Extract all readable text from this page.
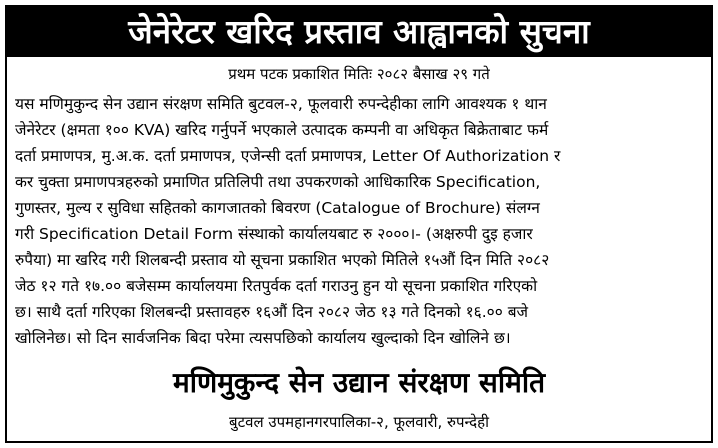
जेनेरेटर खरिद प्रस्ताव आह्वानको सुचना
प्रथम पटक प्रकाशित मितिः २०८२ बैसाख २९ गते
यस मणिमुकुन्द सेन उद्यान संरक्षण समिति बुटवल-२, फूलवारी रुपन्देहीका लागि आवश्यक १ थान
जेनेरेटर (क्षमता १०० KVA) खरिद गर्नुपर्ने भएकाले उत्पादक कम्पनी वा अधिकृत बिक्रेताबाट फर्म
दर्ता प्रमाणपत्र, मु.अ.क. दर्ता प्रमाणपत्र, एजेन्सी दर्ता प्रमाणपत्र, Letter Of Authorization र
कर चुक्ता प्रमाणपत्रहरुको प्रमाणित प्रतिलिपी तथा उपकरणको आधिकारिक Specification,
गुणस्तर, मुल्य र सुविधा सहितको कागजातको बिवरण (Catalogue of Brochure) संलग्न
गरी Specification Detail Form संस्थाको कार्यालयबाट रु २०००।- (अक्षरुपी दुइ हजार
रुपैया) मा खरिद गरी शिलबन्दी प्रस्ताव यो सूचना प्रकाशित भएको मितिले १५औं दिन मिति २०८२
जेठ १२ गते १७.०० बजेसम्म कार्यालयमा रितपुर्वक दर्ता गराउनु हुन यो सूचना प्रकाशित गरिएको
छ। साथै दर्ता गरिएका शिलबन्दी प्रस्तावहरु १६औं दिन २०८२ जेठ १३ गते दिनको १६.०० बजे
खोलिनेछ। सो दिन सार्वजनिक बिदा परेमा त्यसपछिको कार्यालय खुल्दाको दिन खोलिने छ।
मणिमुकुन्द सेन उद्यान संरक्षण समिति
बुटवल उपमहानगरपालिका-२, फूलवारी, रुपन्देही
